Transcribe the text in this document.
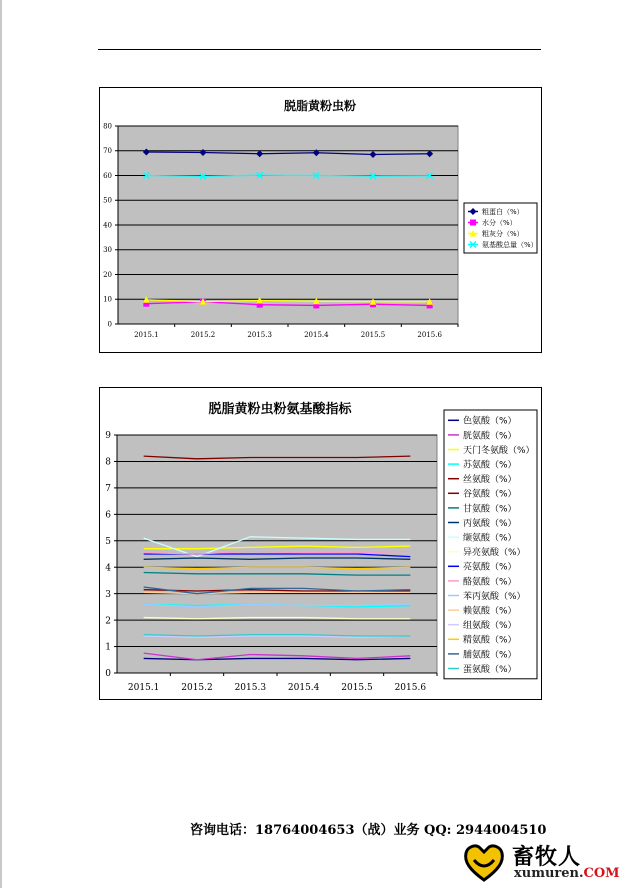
脱脂黄粉虫粉
0
10
20
30
40
50
60
70
80
2015.1	2015.2	2015.3	2015.4	2015.5	2015.6
粗蛋白（%）
水分（%）
粗灰分（%）
氨基酸总量（%）
脱脂黄粉虫粉氨基酸指标
0
1
2
3
4
5
6
7
8
9
2015.1 2015.2 2015.3 2015.4 2015.5 2015.6
色氨酸（%）
胱氨酸（%）
天门冬氨酸（%）
苏氨酸（%）
丝氨酸（%）
谷氨酸（%）
甘氨酸（%）
丙氨酸（%）
缬氨酸（%）
异亮氨酸（%）
亮氨酸（%）
酪氨酸（%）
苯丙氨酸（%）
赖氨酸（%）
组氨酸（%）
精氨酸（%）
脯氨酸（%）
蛋氨酸（%）
咨询电话：18764004653（战）业务 QQ: 2944004510
畜牧人
xumuren.COM
